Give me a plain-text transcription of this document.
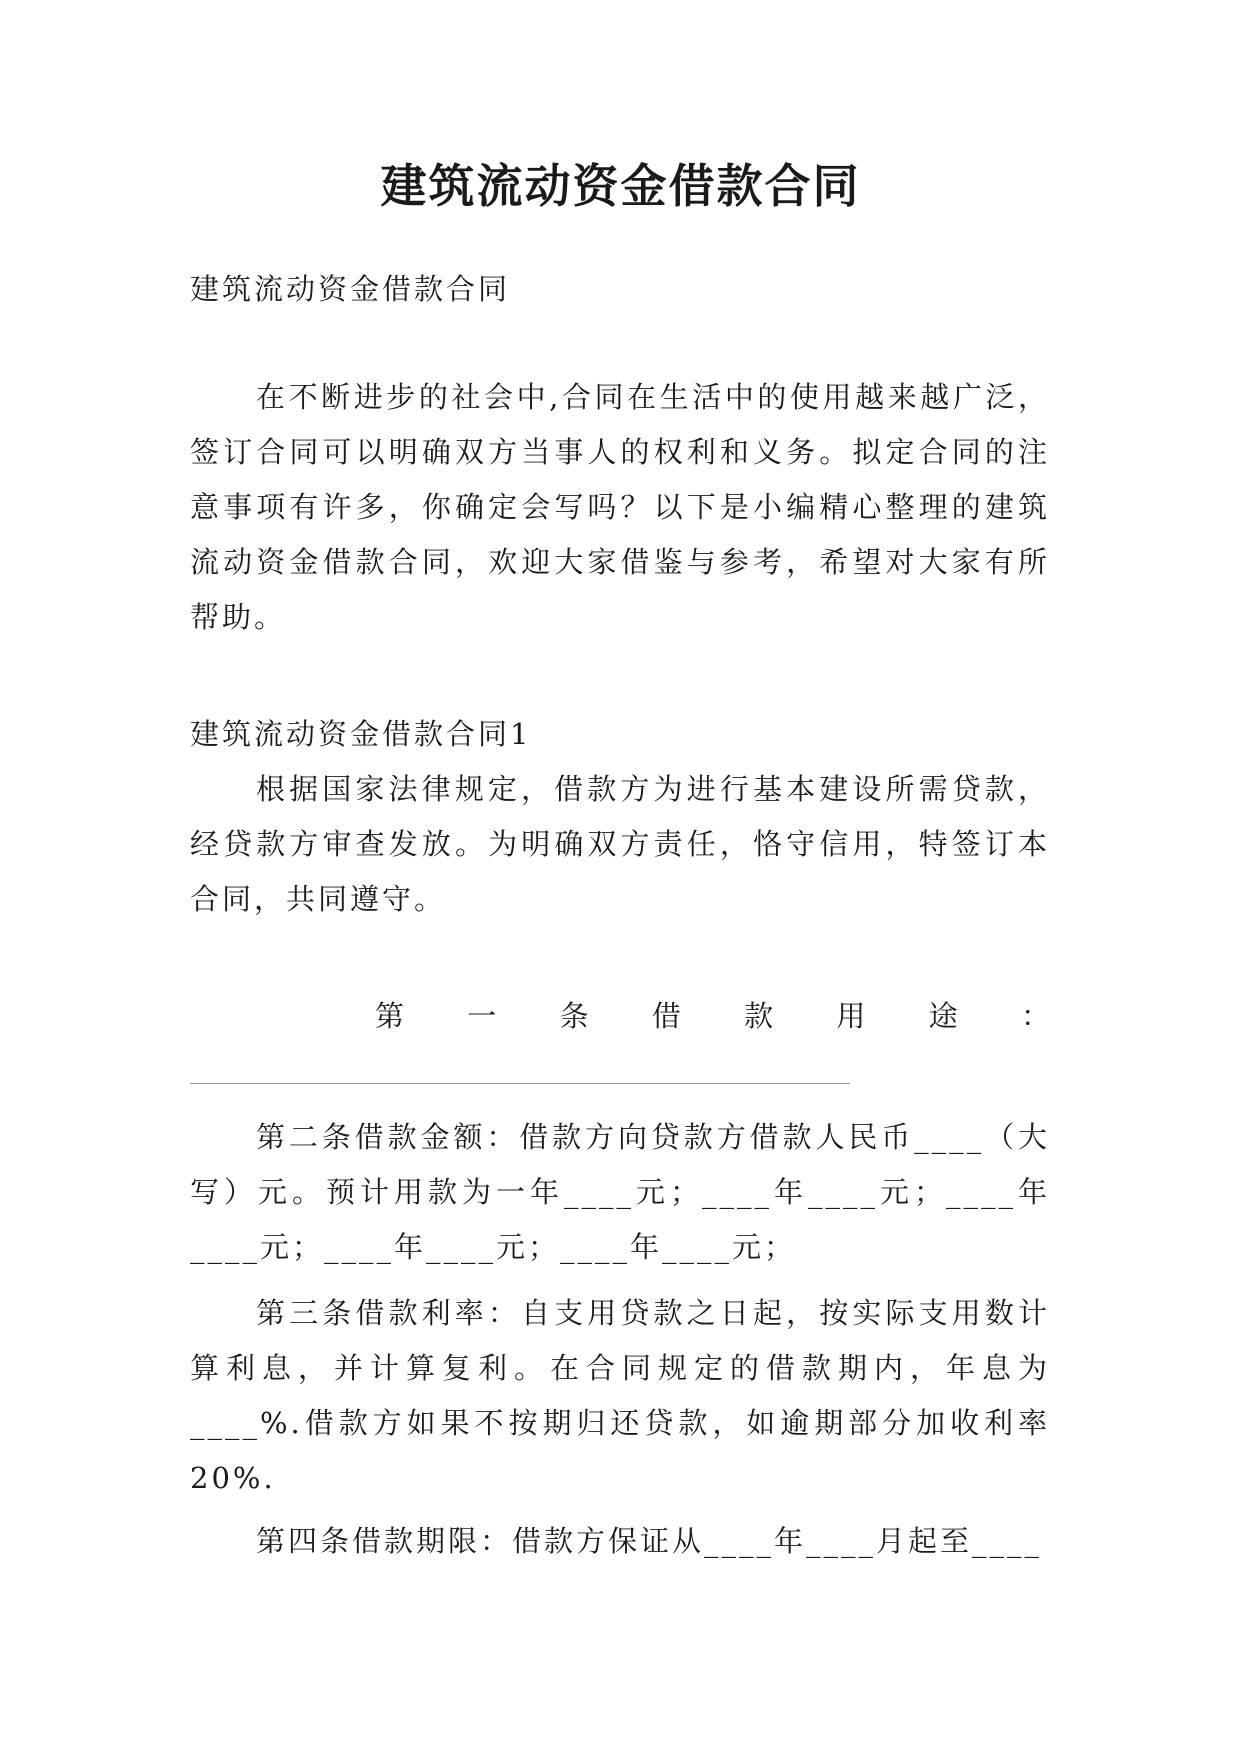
建筑流动资金借款合同

建筑流动资金借款合同

在不断进步的社会中,合同在生活中的使用越来越广泛，签订合同可以明确双方当事人的权利和义务。拟定合同的注意事项有许多，你确定会写吗？以下是小编精心整理的建筑流动资金借款合同，欢迎大家借鉴与参考，希望对大家有所帮助。

建筑流动资金借款合同1

根据国家法律规定，借款方为进行基本建设所需贷款，经贷款方审查发放。为明确双方责任，恪守信用，特签订本合同，共同遵守。

第 一 条 借 款 用 途 ：

第二条借款金额：借款方向贷款方借款人民币____（大写）元。预计用款为一年____元；____年____元；____年____元；____年____元；____年____元；

第三条借款利率：自支用贷款之日起，按实际支用数计算利息，并计算复利。在合同规定的借款期内，年息为____%.借款方如果不按期归还贷款，如逾期部分加收利率20%.

第四条借款期限：借款方保证从____年____月起至____
